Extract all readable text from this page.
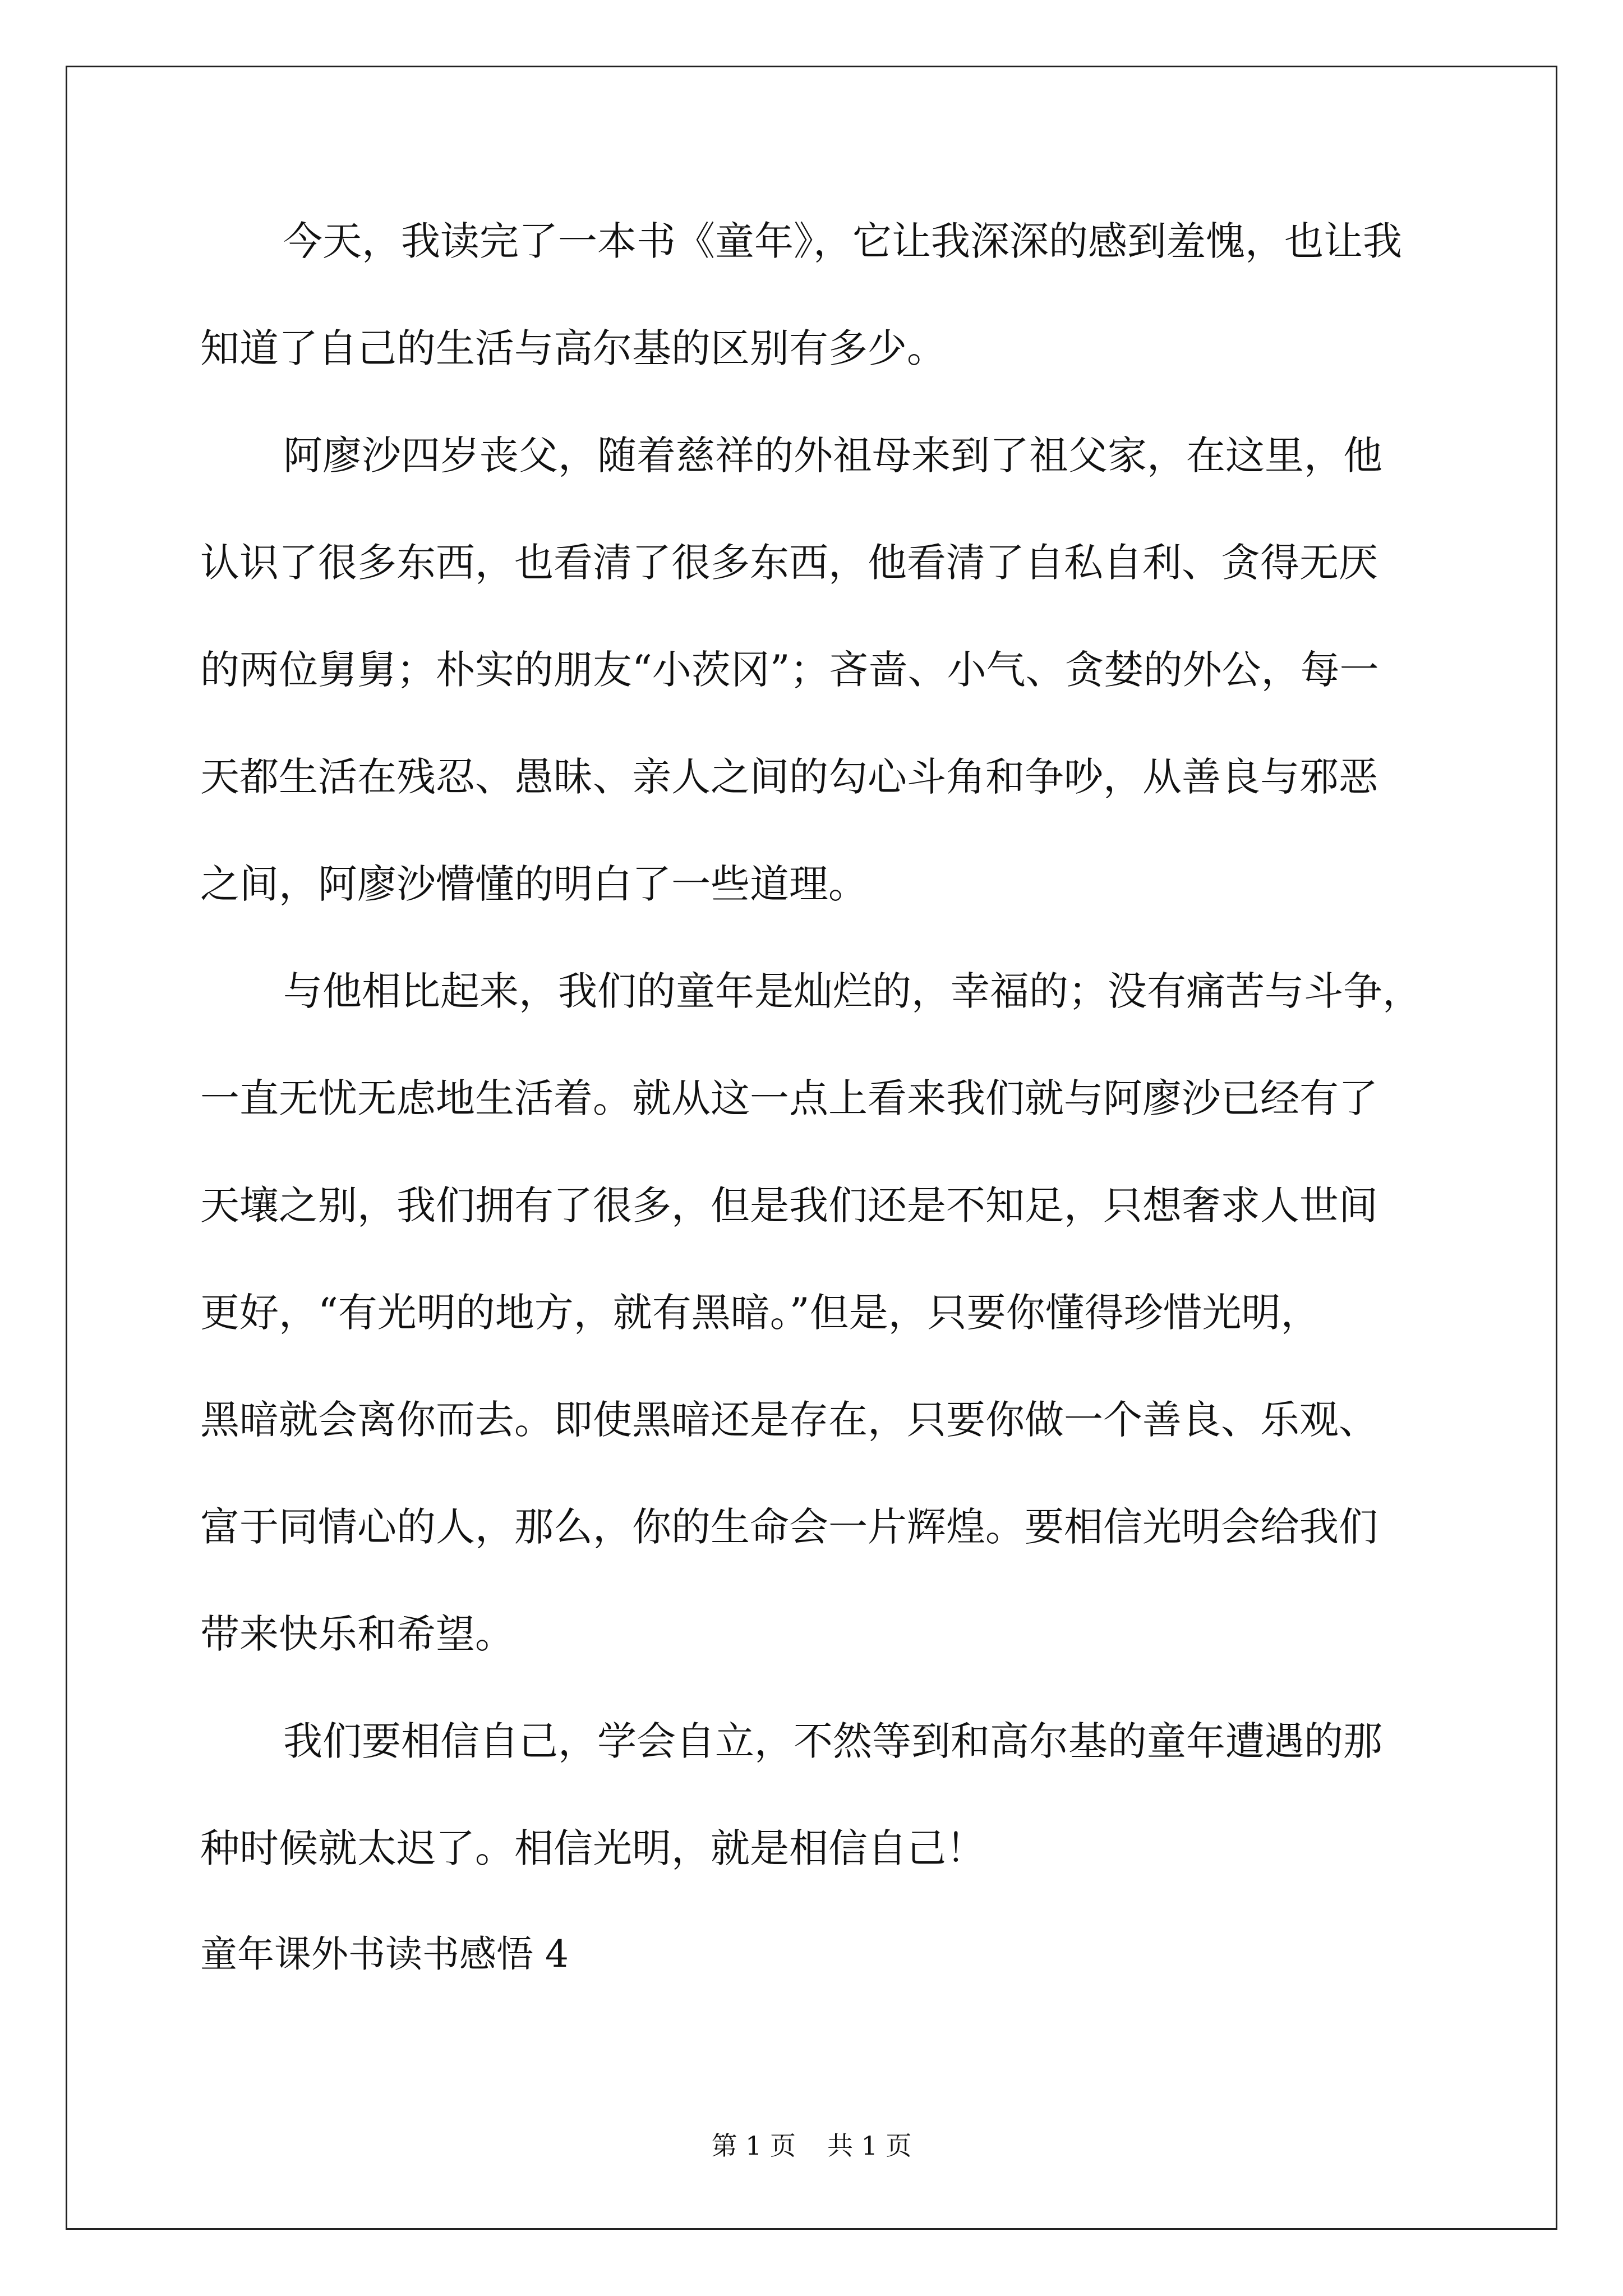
今天，我读完了一本书《童年》，它让我深深的感到羞愧，也让我

知道了自己的生活与高尔基的区别有多少。

阿廖沙四岁丧父，随着慈祥的外祖母来到了祖父家，在这里，他

认识了很多东西，也看清了很多东西，他看清了自私自利、贪得无厌

的两位舅舅；朴实的朋友“小茨冈”；吝啬、小气、贪婪的外公，每一

天都生活在残忍、愚昧、亲人之间的勾心斗角和争吵，从善良与邪恶

之间，阿廖沙懵懂的明白了一些道理。

与他相比起来，我们的童年是灿烂的，幸福的；没有痛苦与斗争，

一直无忧无虑地生活着。就从这一点上看来我们就与阿廖沙已经有了

天壤之别，我们拥有了很多，但是我们还是不知足，只想奢求人世间

更好，“有光明的地方，就有黑暗。”但是，只要你懂得珍惜光明，

黑暗就会离你而去。即使黑暗还是存在，只要你做一个善良、乐观、

富于同情心的人，那么，你的生命会一片辉煌。要相信光明会给我们

带来快乐和希望。

我们要相信自己，学会自立，不然等到和高尔基的童年遭遇的那

种时候就太迟了。相信光明，就是相信自己！

童年课外书读书感悟 4

第 1 页 共 1 页
